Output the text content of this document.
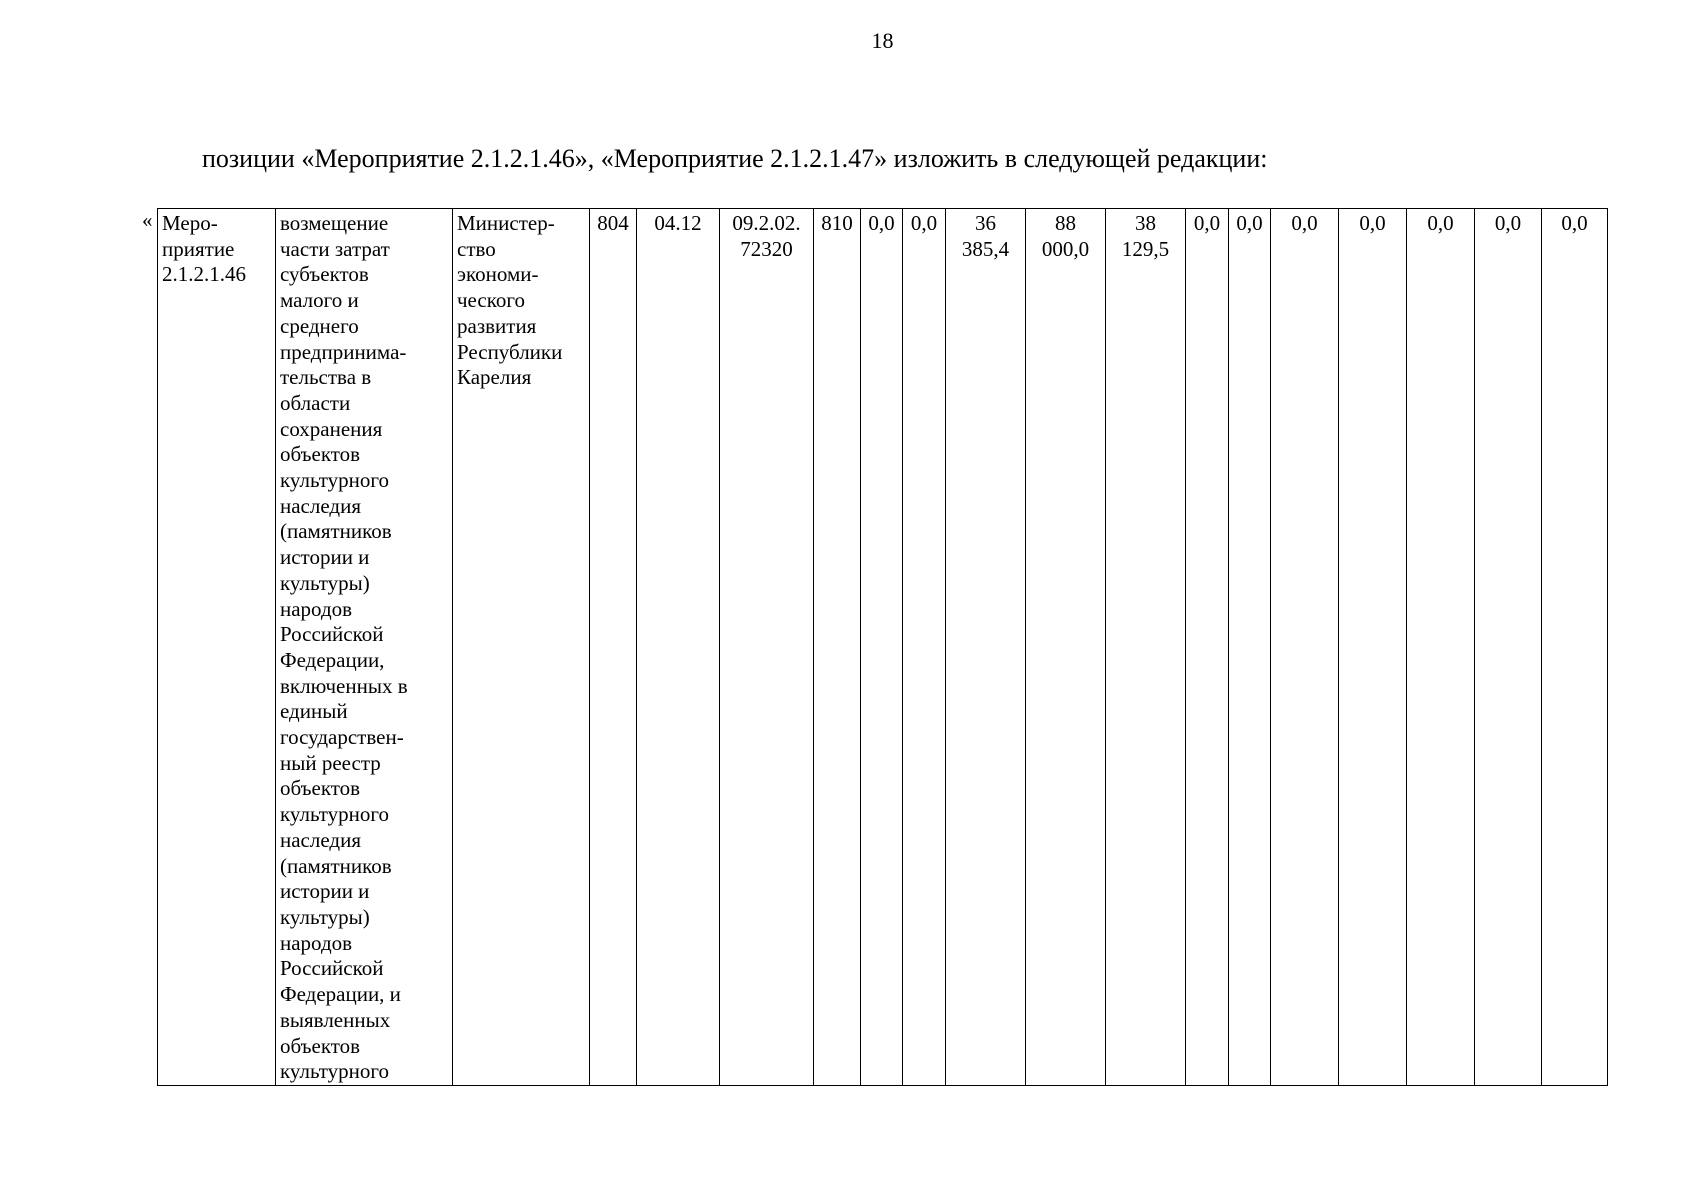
18
позиции «Мероприятие 2.1.2.1.46», «Мероприятие 2.1.2.1.47» изложить в следующей редакции:
« Меро-
приятие
2.1.2.1.46	возмещение
части затрат
субъектов
малого и
среднего
предпринима-
тельства в
области
сохранения
объектов
культурного
наследия
(памятников
истории и
культуры)
народов
Российской
Федерации,
включенных в
единый
государствен-
ный реестр
объектов
культурного
наследия
(памятников
истории и
культуры)
народов
Российской
Федерации, и
выявленных
объектов
культурного	Министер-
ство
экономи-
ческого
развития
Республики
Карелия	804	04.12	09.2.02.
72320	810	0,0	0,0	36
385,4	88
000,0	38
129,5	0,0	0,0	0,0	0,0	0,0	0,0	0,0
